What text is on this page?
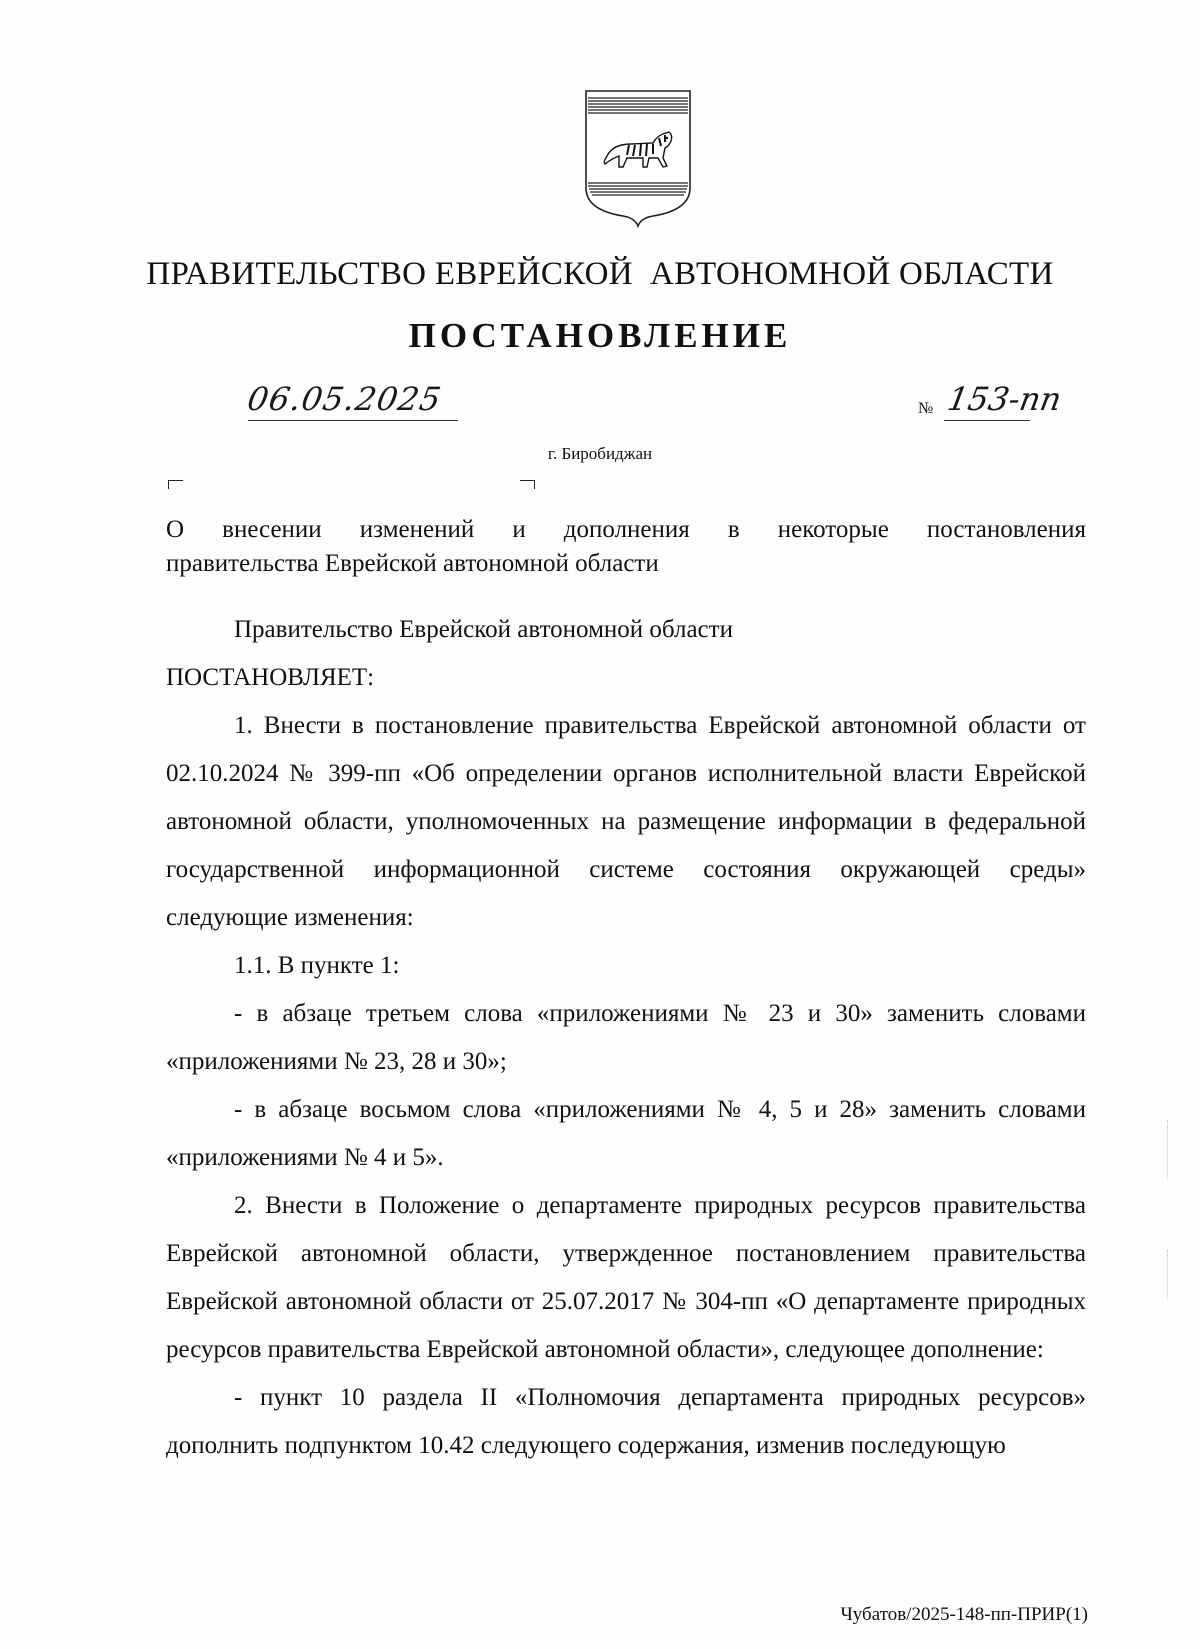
ПРАВИТЕЛЬСТВО ЕВРЕЙСКОЙ  АВТОНОМНОЙ ОБЛАСТИ
ПОСТАНОВЛЕНИЕ
06.05.2025	№ 153-пп
г. Биробиджан
О внесении изменений и дополнения в некоторые постановления
правительства Еврейской автономной области

Правительство Еврейской автономной области

ПОСТАНОВЛЯЕТ:

1. Внести в постановление правительства Еврейской автономной области от 02.10.2024 № 399-пп «Об определении органов исполнительной власти Еврейской автономной области, уполномоченных на размещение информации в федеральной государственной информационной системе состояния окружающей среды» следующие изменения:

1.1. В пункте 1:

- в абзаце третьем слова «приложениями № 23 и 30» заменить словами «приложениями № 23, 28 и 30»;

- в абзаце восьмом слова «приложениями № 4, 5 и 28» заменить словами «приложениями № 4 и 5».

2. Внести в Положение о департаменте природных ресурсов правительства Еврейской автономной области, утвержденное постановлением правительства Еврейской автономной области от 25.07.2017 № 304-пп «О департаменте природных ресурсов правительства Еврейской автономной области», следующее дополнение:

- пункт 10 раздела II «Полномочия департамента природных ресурсов» дополнить подпунктом 10.42 следующего содержания, изменив последующую

Чубатов/2025-148-пп-ПРИР(1)
